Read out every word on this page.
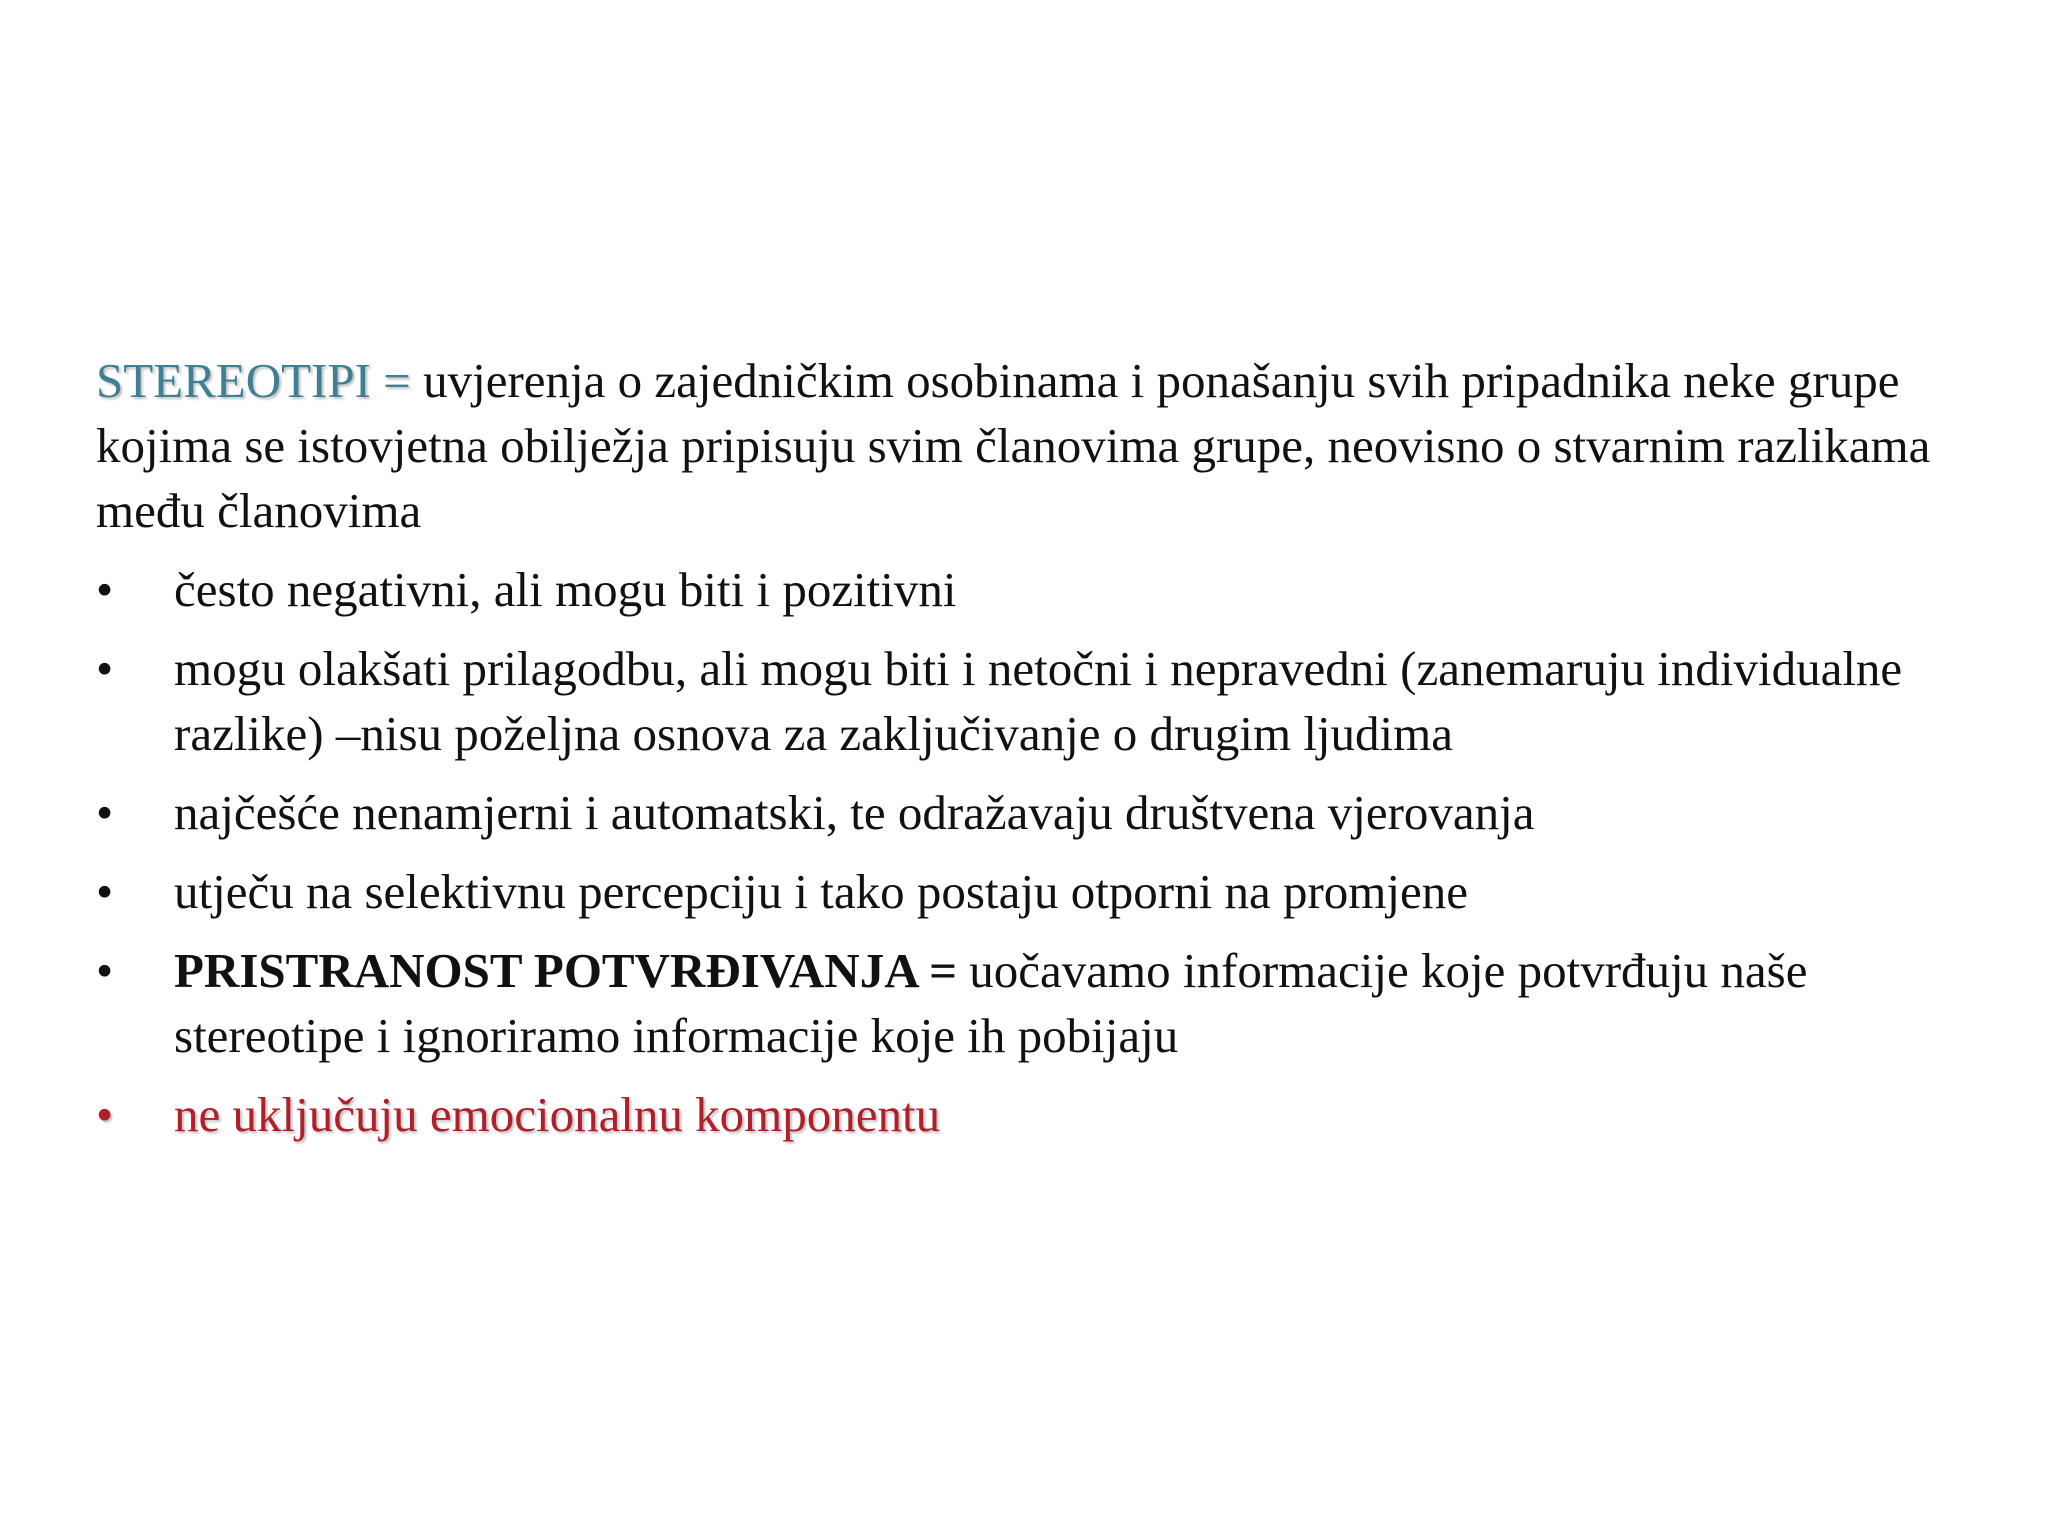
STEREOTIPI = uvjerenja o zajedničkim osobinama i ponašanju svih pripadnika neke grupe kojima se istovjetna obilježja pripisuju svim članovima grupe, neovisno o stvarnim razlikama među članovima

•	često negativni, ali mogu biti i pozitivni
•	mogu olakšati prilagodbu, ali mogu biti i netočni i nepravedni (zanemaruju individualne razlike) –nisu poželjna osnova za zaključivanje o drugim ljudima
•	najčešće nenamjerni i automatski, te odražavaju društvena vjerovanja
•	utječu na selektivnu percepciju i tako postaju otporni na promjene
•	PRISTRANOST POTVRĐIVANJA = uočavamo informacije koje potvrđuju naše stereotipe i ignoriramo informacije koje ih pobijaju
•	ne uključuju emocionalnu komponentu
